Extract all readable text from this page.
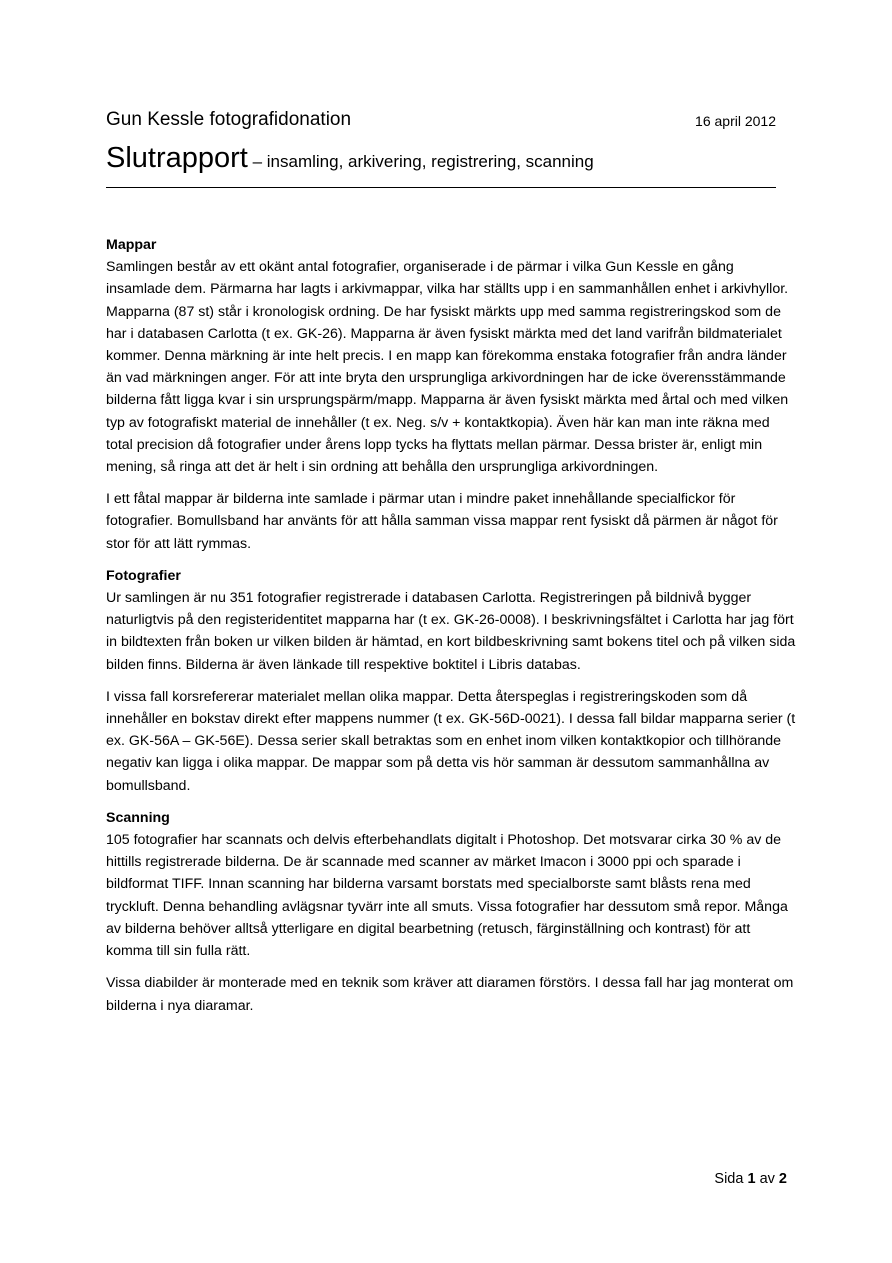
Gun Kessle fotografidonation	16 april 2012
Slutrapport – insamling, arkivering, registrering, scanning

Mappar

Samlingen består av ett okänt antal fotografier, organiserade i de pärmar i vilka Gun Kessle en gång insamlade dem. Pärmarna har lagts i arkivmappar, vilka har ställts upp i en sammanhållen enhet i arkivhyllor. Mapparna (87 st) står i kronologisk ordning. De har fysiskt märkts upp med samma registreringskod som de har i databasen Carlotta (t ex. GK-26). Mapparna är även fysiskt märkta med det land varifrån bildmaterialet kommer. Denna märkning är inte helt precis. I en mapp kan förekomma enstaka fotografier från andra länder än vad märkningen anger. För att inte bryta den ursprungliga arkivordningen har de icke överensstämmande bilderna fått ligga kvar i sin ursprungspärm/mapp. Mapparna är även fysiskt märkta med årtal och med vilken typ av fotografiskt material de innehåller (t ex. Neg. s/v + kontaktkopia). Även här kan man inte räkna med total precision då fotografier under årens lopp tycks ha flyttats mellan pärmar. Dessa brister är, enligt min mening, så ringa att det är helt i sin ordning att behålla den ursprungliga arkivordningen.

I ett fåtal mappar är bilderna inte samlade i pärmar utan i mindre paket innehållande specialfickor för fotografier. Bomullsband har använts för att hålla samman vissa mappar rent fysiskt då pärmen är något för stor för att lätt rymmas.

Fotografier

Ur samlingen är nu 351 fotografier registrerade i databasen Carlotta. Registreringen på bildnivå bygger naturligtvis på den registeridentitet mapparna har (t ex. GK-26-0008). I beskrivningsfältet i Carlotta har jag fört in bildtexten från boken ur vilken bilden är hämtad, en kort bildbeskrivning samt bokens titel och på vilken sida bilden finns. Bilderna är även länkade till respektive boktitel i Libris databas.

I vissa fall korsrefererar materialet mellan olika mappar. Detta återspeglas i registreringskoden som då innehåller en bokstav direkt efter mappens nummer (t ex. GK-56D-0021). I dessa fall bildar mapparna serier (t ex. GK-56A – GK-56E). Dessa serier skall betraktas som en enhet inom vilken kontaktkopior och tillhörande negativ kan ligga i olika mappar. De mappar som på detta vis hör samman är dessutom sammanhållna av bomullsband.

Scanning

105 fotografier har scannats och delvis efterbehandlats digitalt i Photoshop. Det motsvarar cirka 30 % av de hittills registrerade bilderna. De är scannade med scanner av märket Imacon i 3000 ppi och sparade i bildformat TIFF. Innan scanning har bilderna varsamt borstats med specialborste samt blåsts rena med tryckluft. Denna behandling avlägsnar tyvärr inte all smuts. Vissa fotografier har dessutom små repor. Många av bilderna behöver alltså ytterligare en digital bearbetning (retusch, färginställning och kontrast) för att komma till sin fulla rätt.

Vissa diabilder är monterade med en teknik som kräver att diaramen förstörs. I dessa fall har jag monterat om bilderna i nya diaramar.

Sida 1 av 2
